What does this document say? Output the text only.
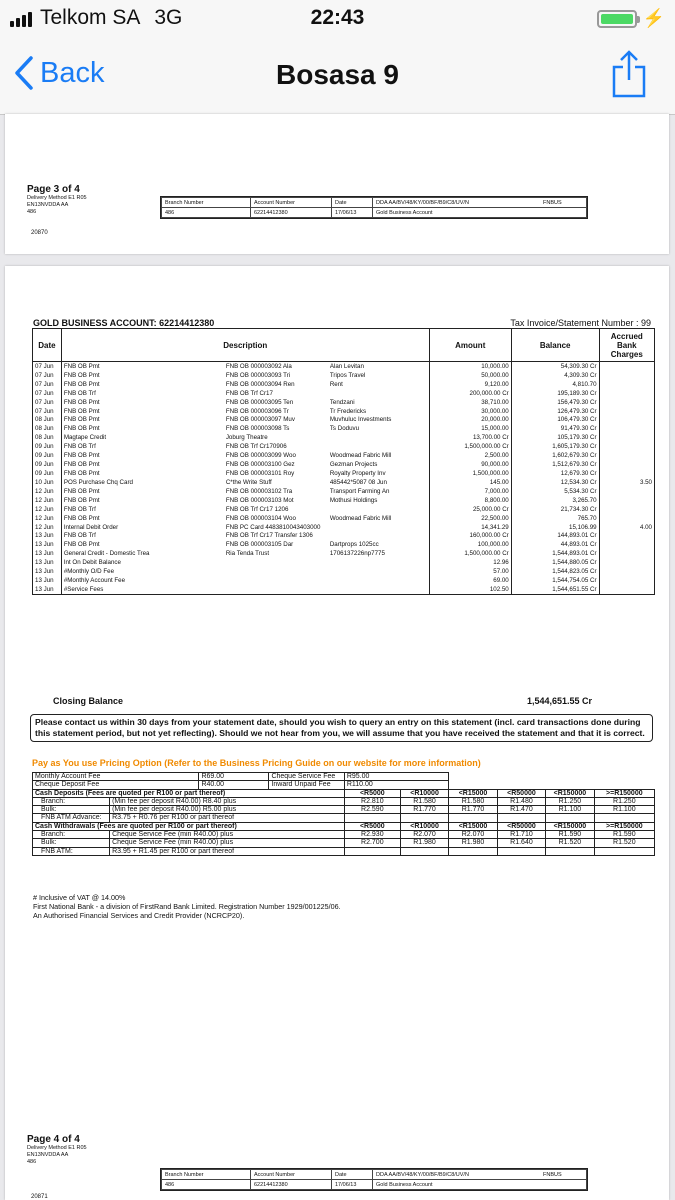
Telkom SA 3G	22:43	⚡
Back	Bosasa 9
Page 3 of 4
Delivery Method E1 R05
EN13NVDDA AA
486
Branch Number	Account Number	Date	DDA AA/BV/48/KY/00/BF/B9/C8/UV/N	FNBUS
486	62214412380	17/06/13	Gold Business Account	
20870
GOLD BUSINESS ACCOUNT: 62214412380	Tax Invoice/Statement Number : 99
Date	Description	Amount	Balance	Accrued Bank Charges
07 Jun	FNB OB Pmt FNB OB 000003092 Ala Alan Levitan	10,000.00	54,309.30 Cr	
07 Jun	FNB OB Pmt FNB OB 000003093 Tri Tripos Travel	50,000.00	4,309.30 Cr	
07 Jun	FNB OB Pmt FNB OB 000003094 Ren Rent	9,120.00	4,810.70	
07 Jun	FNB OB Trf FNB OB Trf Cr17	200,000.00 Cr	195,189.30 Cr	
07 Jun	FNB OB Pmt FNB OB 000003095 Ten Tendzani	38,710.00	156,479.30 Cr	
07 Jun	FNB OB Pmt FNB OB 000003096 Tr Tr Fredericks	30,000.00	126,479.30 Cr	
08 Jun	FNB OB Pmt FNB OB 000003097 Muv Muvhuluc Investments	20,000.00	106,479.30 Cr	
08 Jun	FNB OB Pmt FNB OB 000003098 Ts Ts Doduvu	15,000.00	91,479.30 Cr	
08 Jun	Magtape Credit Joburg Theatre	13,700.00 Cr	105,179.30 Cr	
09 Jun	FNB OB Trf FNB OB Trf Cr170906	1,500,000.00 Cr	1,605,179.30 Cr	
09 Jun	FNB OB Pmt FNB OB 000003099 Woo Woodmead Fabric Mill	2,500.00	1,602,679.30 Cr	
09 Jun	FNB OB Pmt FNB OB 000003100 Gez Gezman Projects	90,000.00	1,512,679.30 Cr	
09 Jun	FNB OB Pmt FNB OB 000003101 Roy Royalty Property Inv	1,500,000.00	12,679.30 Cr	
10 Jun	POS Purchase Chq Card C*the Write Stuff 485442*5087 08 Jun	145.00	12,534.30 Cr	3.50
12 Jun	FNB OB Pmt FNB OB 000003102 Tra Transport Farming An	7,000.00	5,534.30 Cr	
12 Jun	FNB OB Pmt FNB OB 000003103 Mot Mothusi Holdings	8,800.00	3,265.70	
12 Jun	FNB OB Trf FNB OB Trf Cr17 1206	25,000.00 Cr	21,734.30 Cr	
12 Jun	FNB OB Pmt FNB OB 000003104 Woo Woodmead Fabric Mill	22,500.00	765.70	
12 Jun	Internal Debit Order FNB PC Card 4483810043403000	14,341.29	15,106.99	4.00
13 Jun	FNB OB Trf FNB OB Trf Cr17 Transfer 1306	160,000.00 Cr	144,893.01 Cr	
13 Jun	FNB OB Pmt FNB OB 000003105 Dar Dartprops 1025cc	100,000.00	44,893.01 Cr	
13 Jun	General Credit - Domestic Trea Ria Tenda Trust 1706137226np7775	1,500,000.00 Cr	1,544,893.01 Cr	
13 Jun	Int On Debit Balance	12.96	1,544,880.05 Cr	
13 Jun	#Monthly O/D Fee	57.00	1,544,823.05 Cr	
13 Jun	#Monthly Account Fee	69.00	1,544,754.05 Cr	
13 Jun	#Service Fees	102.50	1,544,651.55 Cr	
Closing Balance	1,544,651.55 Cr
Please contact us within 30 days from your statement date, should you wish to query an entry on this statement (incl. card transactions done during this statement period, but not yet reflecting). Should we not hear from you, we will assume that you have received the statement and that it is correct.
Pay as You use Pricing Option (Refer to the Business Pricing Guide on our website for more information)
Monthly Account Fee		R69.00	Cheque Service Fee	R95.00					
Cheque Deposit Fee		R40.00	Inward Unpaid Fee	R110.00					
Cash Deposits (Fees are quoted per R100 or part thereof)				<R5000	<R10000	<R15000	<R50000	<R150000	>=R150000
Branch:	(Min fee per deposit R40.00) R8.40 plus			R2.810	R1.580	R1.580	R1.480	R1.250	R1.250
Bulk:	(Min fee per deposit R40.00) R5.00 plus			R2.590	R1.770	R1.770	R1.470	R1.100	R1.100
FNB ATM Advance:	R3.75 + R0.76 per R100 or part thereof								
Cash Withdrawals (Fees are quoted per R100 or part thereof)				<R5000	<R10000	<R15000	<R50000	<R150000	>=R150000
Branch:	Cheque Service Fee (min R40.00) plus			R2.930	R2.070	R2.070	R1.710	R1.590	R1.590
Bulk:	Cheque Service Fee (min R40.00) plus			R2.700	R1.980	R1.980	R1.640	R1.520	R1.520
FNB ATM:	R3.95 + R1.45 per R100 or part thereof								
# Inclusive of VAT @ 14.00%
First National Bank - a division of FirstRand Bank Limited. Registration Number 1929/001225/06.
An Authorised Financial Services and Credit Provider (NCRCP20).
Page 4 of 4
Delivery Method E1 R05
EN13NVDDA AA
486
Branch Number	Account Number	Date	DDA AA/BV/48/KY/00/BF/B9/C8/UV/N	FNBUS
486	62214412380	17/06/13	Gold Business Account	
20871
